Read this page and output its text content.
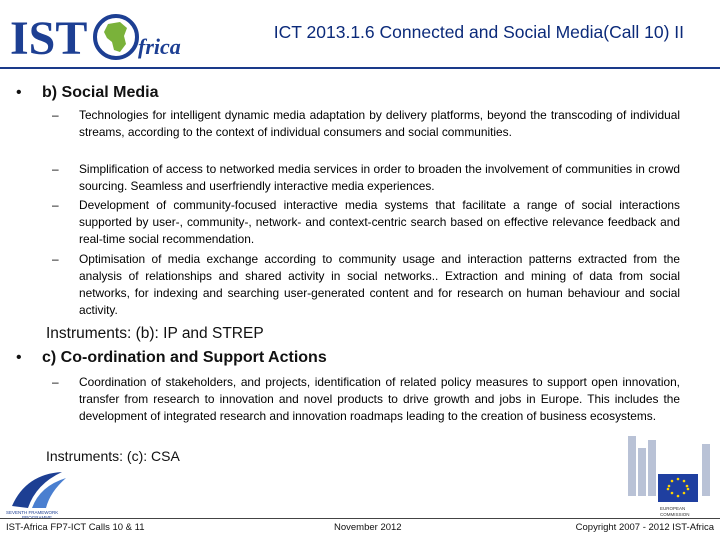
IST frica
ICT 2013.1.6 Connected and Social Media(Call 10) II
• b) Social Media
– Technologies for intelligent dynamic media adaptation by delivery platforms, beyond the transcoding of individual streams, according to the context of individual consumers and social communities.
– Simplification of access to networked media services in order to broaden the involvement of communities in crowd sourcing. Seamless and userfriendly interactive media experiences.
– Development of community-focused interactive media systems that facilitate a range of social interactions supported by user-, community-, network- and context-centric search based on effective relevance feedback and real-time social recommendation.
– Optimisation of media exchange according to community usage and interaction patterns extracted from the analysis of relationships and shared activity in social networks.. Extraction and mining of data from social networks, for indexing and searching user-generated content and for research on human behaviour and social activity.
Instruments: (b): IP and STREP
• c) Co-ordination and Support Actions
– Coordination of stakeholders, and projects, identification of related policy measures to support open innovation, transfer from research to innovation and novel products to drive growth and jobs in Europe. This includes the development of integrated research and innovation roadmaps leading to the creation of business ecosystems.
Instruments: (c): CSA
SEVENTH FRAMEWORK
EUROPEAN
COMMISSION
IST-Africa FP7-ICT Calls 10 & 11	November 2012	Copyright 2007 - 2012 IST-Africa
